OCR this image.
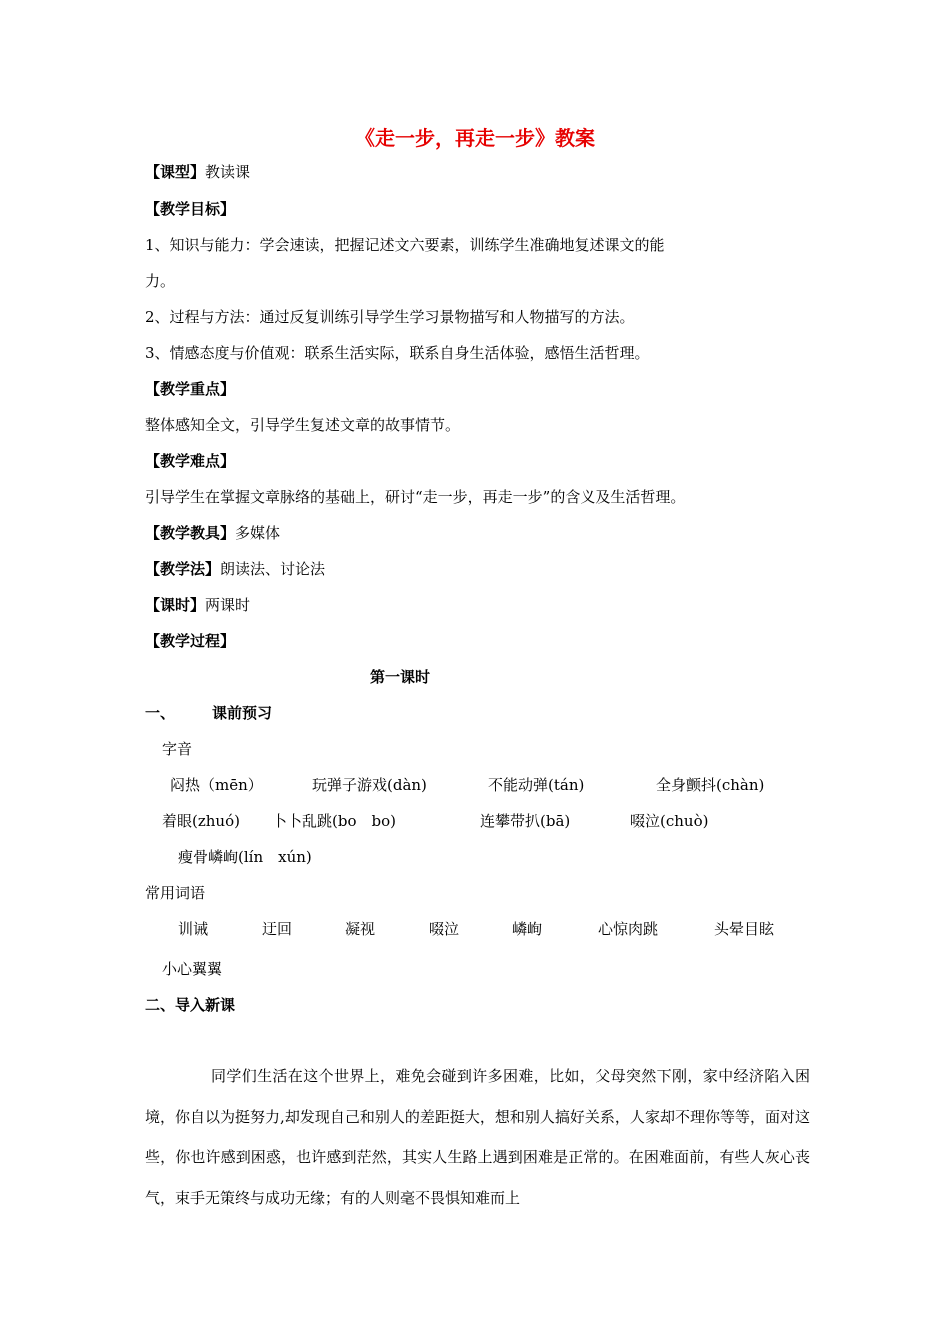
《走一步，再走一步》教案
【课型】教读课
【教学目标】
1、知识与能力：学会速读，把握记述文六要素，训练学生准确地复述课文的能
力。
2、过程与方法：通过反复训练引导学生学习景物描写和人物描写的方法。
3、情感态度与价值观：联系生活实际，联系自身生活体验，感悟生活哲理。
【教学重点】
整体感知全文，引导学生复述文章的故事情节。
【教学难点】
引导学生在掌握文章脉络的基础上，研讨“走一步，再走一步”的含义及生活哲理。
【教学教具】多媒体
【教学法】朗读法、讨论法
【课时】两课时
【教学过程】
第一课时
一、 课前预习
字音
闷热（mēn）	玩弹子游戏(dàn)	不能动弹(tán)	全身颤抖(chàn)
着眼(zhuó) 卜卜乱跳(bo　bo)	连攀带扒(bā)	啜泣(chuò)
瘦骨嶙峋(lín　xún)
常用词语
训诫	迂回	凝视	啜泣	嶙峋	心惊肉跳	头晕目眩
小心翼翼
二、导入新课
同学们生活在这个世界上，难免会碰到许多困难，比如，父母突然下刚，家中经济陷入困境，你自以为挺努力,却发现自己和别人的差距挺大，想和别人搞好关系，人家却不理你等等，面对这些，你也许感到困惑，也许感到茫然，其实人生路上遇到困难是正常的。在困难面前，有些人灰心丧气，束手无策终与成功无缘；有的人则毫不畏惧知难而上
